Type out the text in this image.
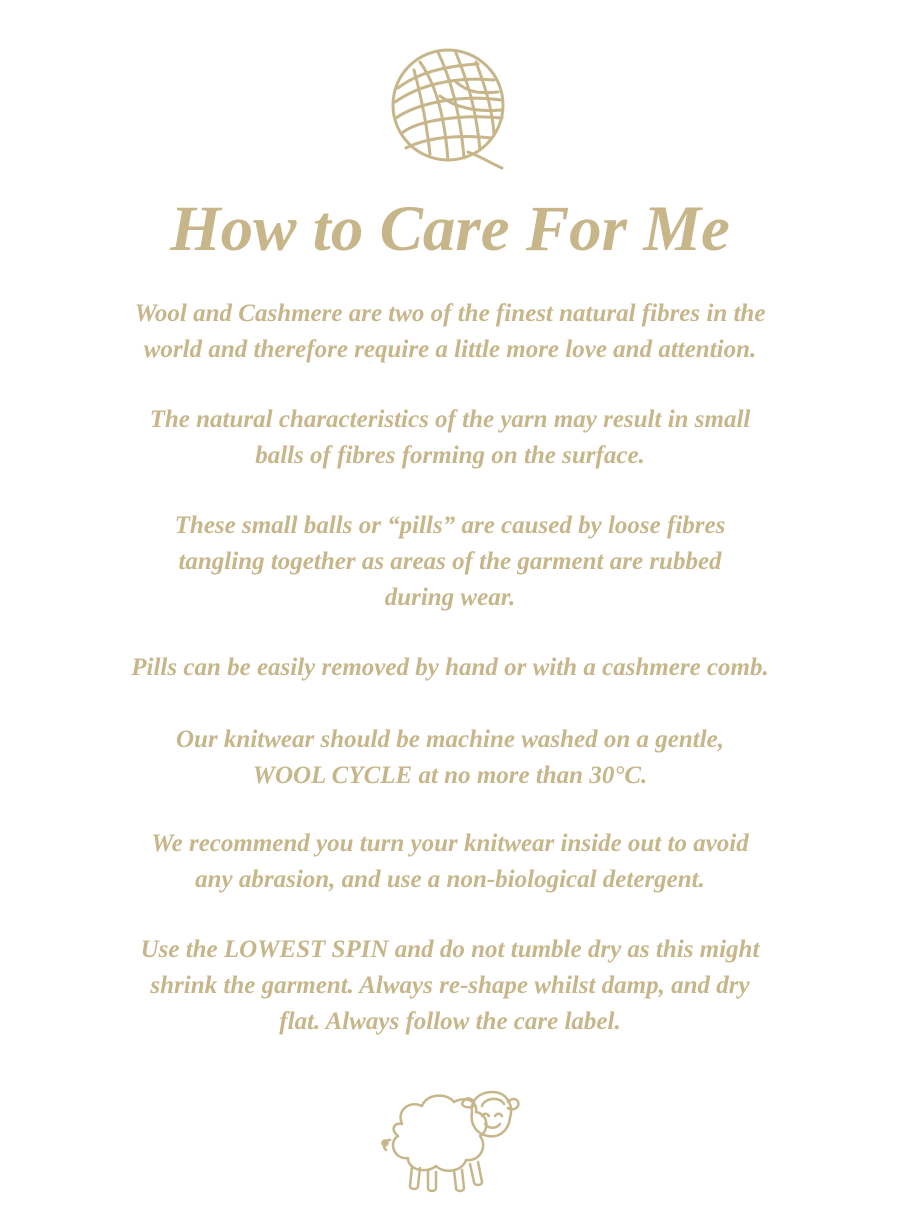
How to Care For Me

Wool and Cashmere are two of the finest natural fibres in the
world and therefore require a little more love and attention.

The natural characteristics of the yarn may result in small
balls of fibres forming on the surface.

These small balls or “pills” are caused by loose fibres
tangling together as areas of the garment are rubbed
during wear.

Pills can be easily removed by hand or with a cashmere comb.

Our knitwear should be machine washed on a gentle,
WOOL CYCLE at no more than 30°C.

We recommend you turn your knitwear inside out to avoid
any abrasion, and use a non-biological detergent.

Use the LOWEST SPIN and do not tumble dry as this might
shrink the garment. Always re-shape whilst damp, and dry
flat. Always follow the care label.
